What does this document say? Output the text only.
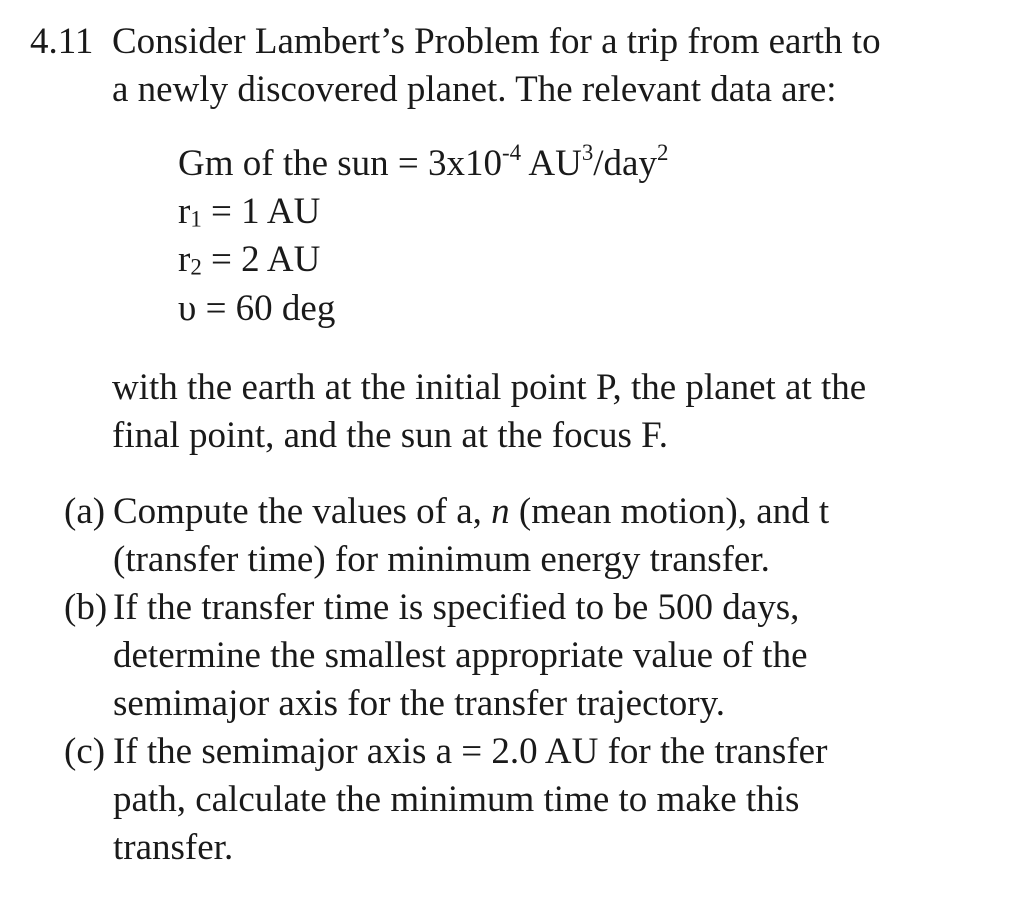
4.11 Consider Lambert’s Problem for a trip from earth to
a newly discovered planet. The relevant data are:
Gm of the sun = $3x10^{-4}$ $AU^3/day^2$
$r_1 = 1$ AU
$r_2 = 2$ AU
υ = 60 deg
with the earth at the initial point P, the planet at the
final point, and the sun at the focus F.
(a) Compute the values of a, n (mean motion), and t
(transfer time) for minimum energy transfer.
(b) If the transfer time is specified to be 500 days,
determine the smallest appropriate value of the
semimajor axis for the transfer trajectory.
(c) If the semimajor axis a = 2.0 AU for the transfer
path, calculate the minimum time to make this
transfer.
